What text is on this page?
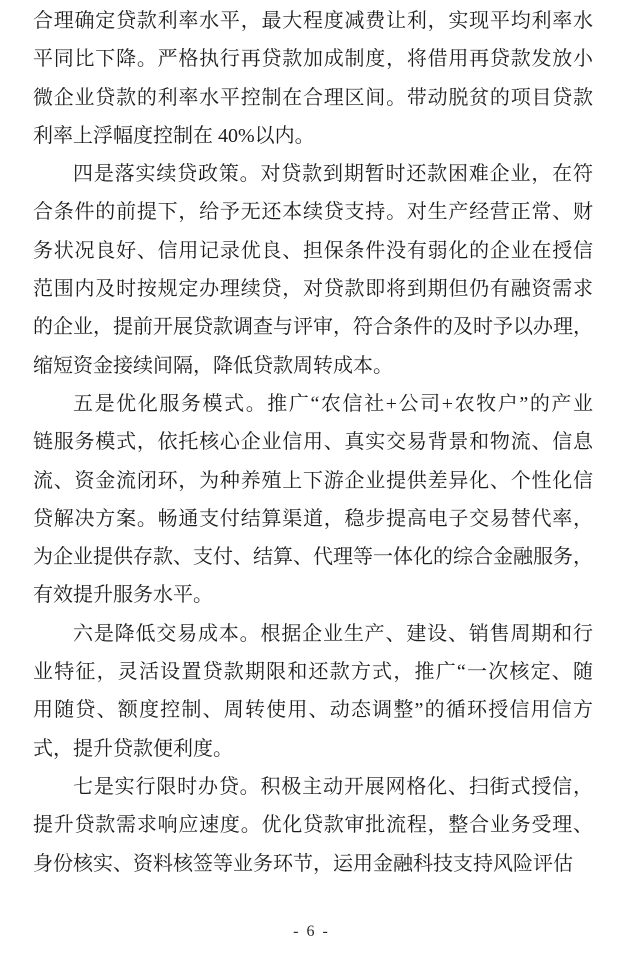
合理确定贷款利率水平，最大程度减费让利，实现平均利率水
平同比下降。严格执行再贷款加成制度，将借用再贷款发放小
微企业贷款的利率水平控制在合理区间。带动脱贫的项目贷款
利率上浮幅度控制在 40%以内。
四是落实续贷政策。对贷款到期暂时还款困难企业，在符
合条件的前提下，给予无还本续贷支持。对生产经营正常、财
务状况良好、信用记录优良、担保条件没有弱化的企业在授信
范围内及时按规定办理续贷，对贷款即将到期但仍有融资需求
的企业，提前开展贷款调查与评审，符合条件的及时予以办理，
缩短资金接续间隔，降低贷款周转成本。
五是优化服务模式。推广“农信社+公司+农牧户”的产业
链服务模式，依托核心企业信用、真实交易背景和物流、信息
流、资金流闭环，为种养殖上下游企业提供差异化、个性化信
贷解决方案。畅通支付结算渠道，稳步提高电子交易替代率，
为企业提供存款、支付、结算、代理等一体化的综合金融服务，
有效提升服务水平。
六是降低交易成本。根据企业生产、建设、销售周期和行
业特征，灵活设置贷款期限和还款方式，推广“一次核定、随
用随贷、额度控制、周转使用、动态调整”的循环授信用信方
式，提升贷款便利度。
七是实行限时办贷。积极主动开展网格化、扫街式授信，
提升贷款需求响应速度。优化贷款审批流程，整合业务受理、
身份核实、资料核签等业务环节，运用金融科技支持风险评估
- 6 -
